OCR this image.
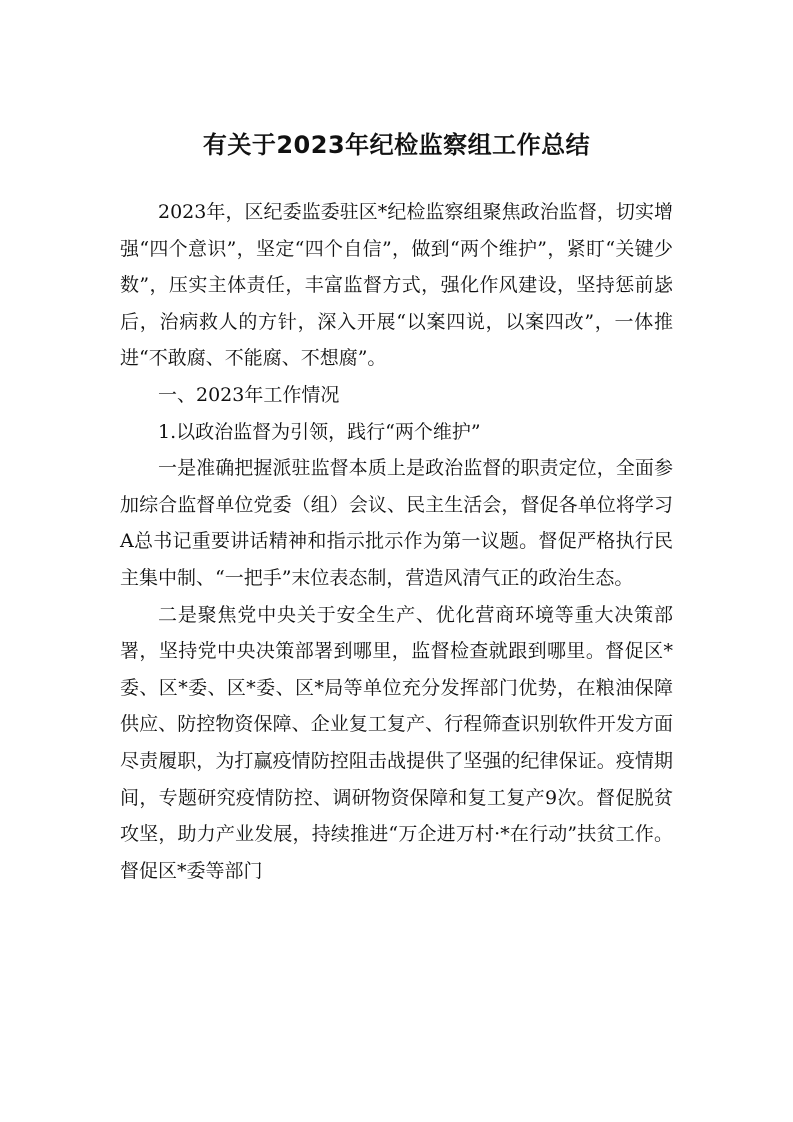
有关于2023年纪检监察组工作总结

2023年，区纪委监委驻区*纪检监察组聚焦政治监督，切实增强“四个意识”，坚定“四个自信”，做到“两个维护”，紧盯“关键少数”，压实主体责任，丰富监督方式，强化作风建设，坚持惩前毖后，治病救人的方针，深入开展“以案四说，以案四改”，一体推进“不敢腐、不能腐、不想腐”。

一、2023年工作情况

1.以政治监督为引领，践行“两个维护”

一是准确把握派驻监督本质上是政治监督的职责定位，全面参加综合监督单位党委（组）会议、民主生活会，督促各单位将学习A总书记重要讲话精神和指示批示作为第一议题。督促严格执行民主集中制、“一把手”末位表态制，营造风清气正的政治生态。

二是聚焦党中央关于安全生产、优化营商环境等重大决策部署，坚持党中央决策部署到哪里，监督检查就跟到哪里。督促区*委、区*委、区*委、区*局等单位充分发挥部门优势，在粮油保障供应、防控物资保障、企业复工复产、行程筛查识别软件开发方面尽责履职，为打赢疫情防控阻击战提供了坚强的纪律保证。疫情期间，专题研究疫情防控、调研物资保障和复工复产9次。督促脱贫攻坚，助力产业发展，持续推进“万企进万村·*在行动”扶贫工作。督促区*委等部门
